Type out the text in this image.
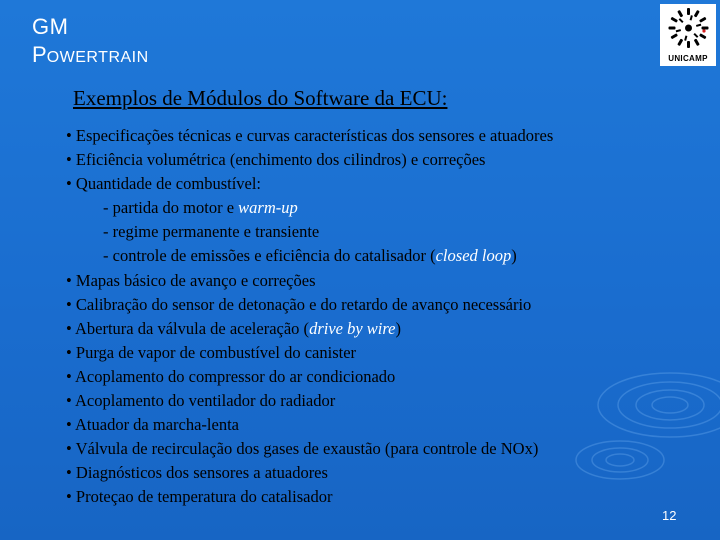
GM
POWERTRAIN	UNICAMP
Exemplos de Módulos do Software da ECU:
• Especificações técnicas e curvas características dos sensores e atuadores
• Eficiência volumétrica (enchimento dos cilindros) e correções
• Quantidade de combustível:
- partida do motor e warm-up
- regime permanente e transiente
- controle de emissões e eficiência do catalisador (closed loop)
• Mapas básico de avanço e correções
• Calibração do sensor de detonação e do retardo de avanço necessário
• Abertura da válvula de aceleração (drive by wire)
• Purga de vapor de combustível do canister
• Acoplamento do compressor do ar condicionado
• Acoplamento do ventilador do radiador
• Atuador da marcha-lenta
• Válvula de recirculação dos gases de exaustão (para controle de NOx)
• Diagnósticos dos sensores a atuadores
• Proteçao de temperatura do catalisador
12
